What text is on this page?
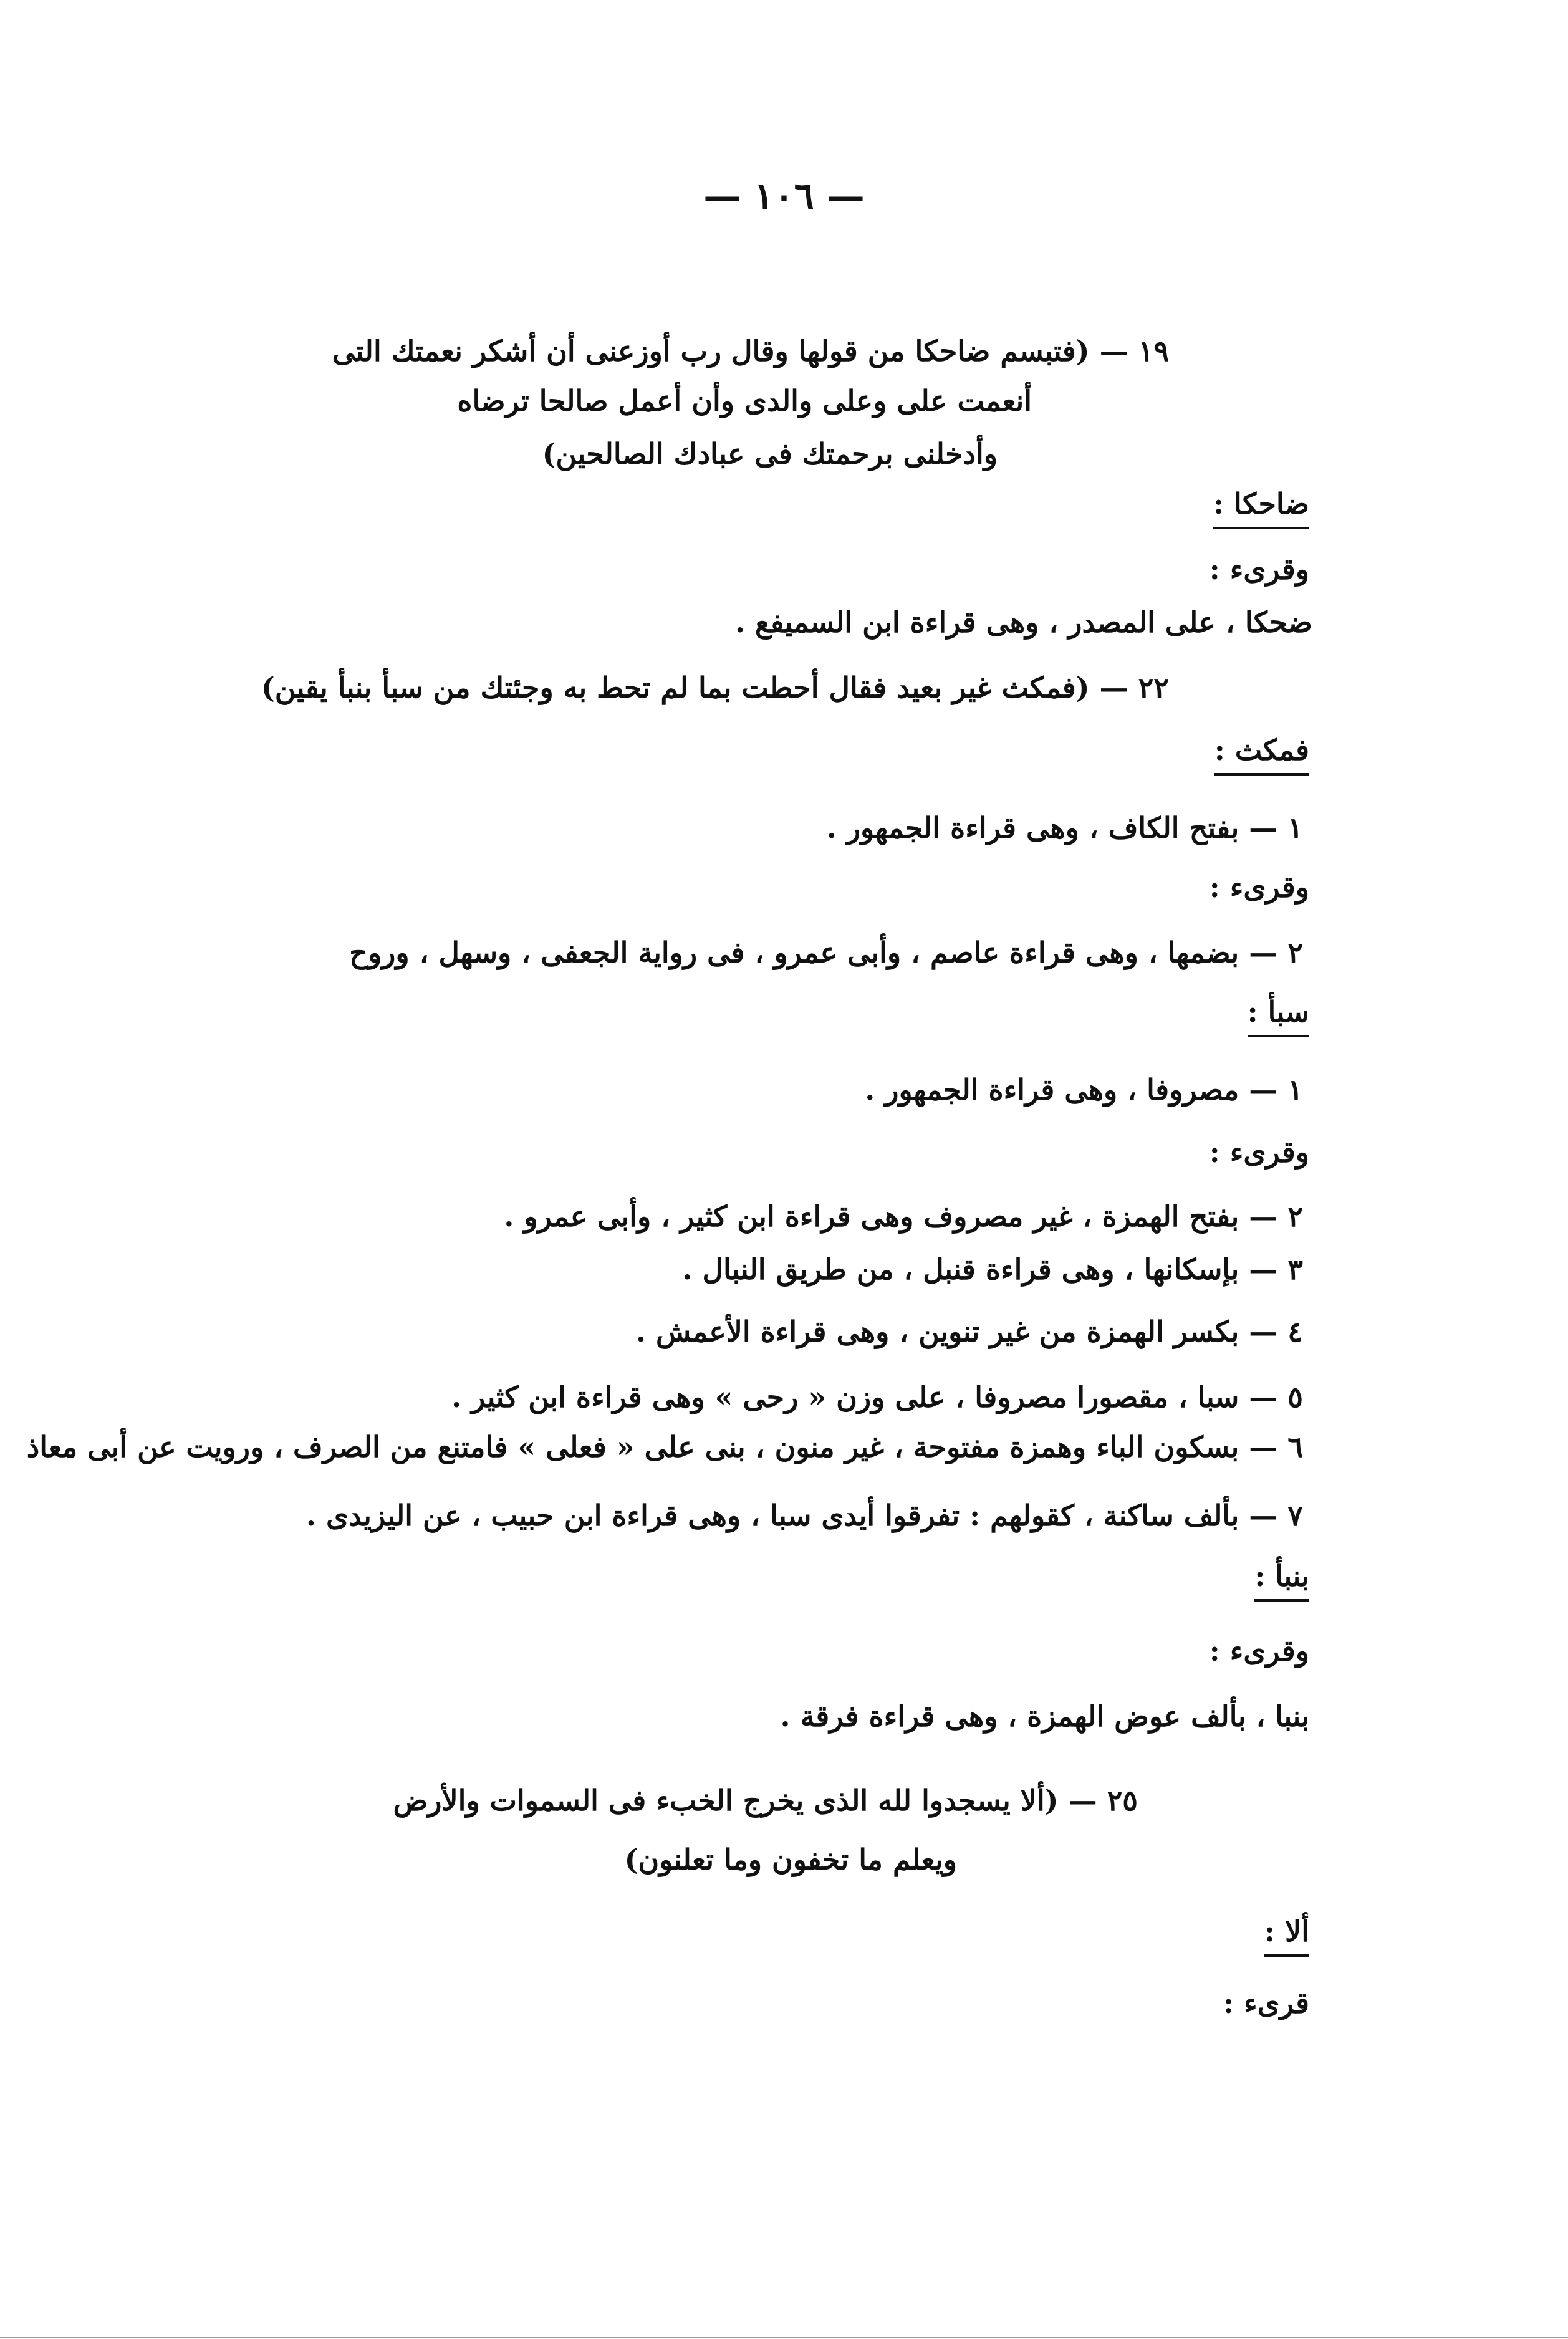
— ١٠٦ —
١٩ — (فتبسم ضاحكا من قولها وقال رب أوزعنى أن أشكر نعمتك التى
أنعمت على وعلى والدى وأن أعمل صالحا ترضاه
وأدخلنى برحمتك فى عبادك الصالحين)
ضاحكا :
وقرىء :
ضحكا ، على المصدر ، وهى قراءة ابن السميفع .
٢٢ — (فمكث غير بعيد فقال أحطت بما لم تحط به وجئتك من سبأ بنبأ يقين)
فمكث :
١ — بفتح الكاف ، وهى قراءة الجمهور .
وقرىء :
٢ — بضمها ، وهى قراءة عاصم ، وأبى عمرو ، فى رواية الجعفى ، وسهل ، وروح
سبأ :
١ — مصروفا ، وهى قراءة الجمهور .
وقرىء :
٢ — بفتح الهمزة ، غير مصروف وهى قراءة ابن كثير ، وأبى عمرو .
٣ — بإسكانها ، وهى قراءة قنبل ، من طريق النبال .
٤ — بكسر الهمزة من غير تنوين ، وهى قراءة الأعمش .
٥ — سبا ، مقصورا مصروفا ، على وزن « رحى » وهى قراءة ابن كثير .
٦ — بسكون الباء وهمزة مفتوحة ، غير منون ، بنى على « فعلى » فامتنع من الصرف ، ورويت عن أبى معاذ
٧ — بألف ساكنة ، كقولهم : تفرقوا أيدى سبا ، وهى قراءة ابن حبيب ، عن اليزيدى .
بنبأ :
وقرىء :
بنبا ، بألف عوض الهمزة ، وهى قراءة فرقة .
٢٥ — (ألا يسجدوا لله الذى يخرج الخبء فى السموات والأرض
ويعلم ما تخفون وما تعلنون)
ألا :
قرىء :
